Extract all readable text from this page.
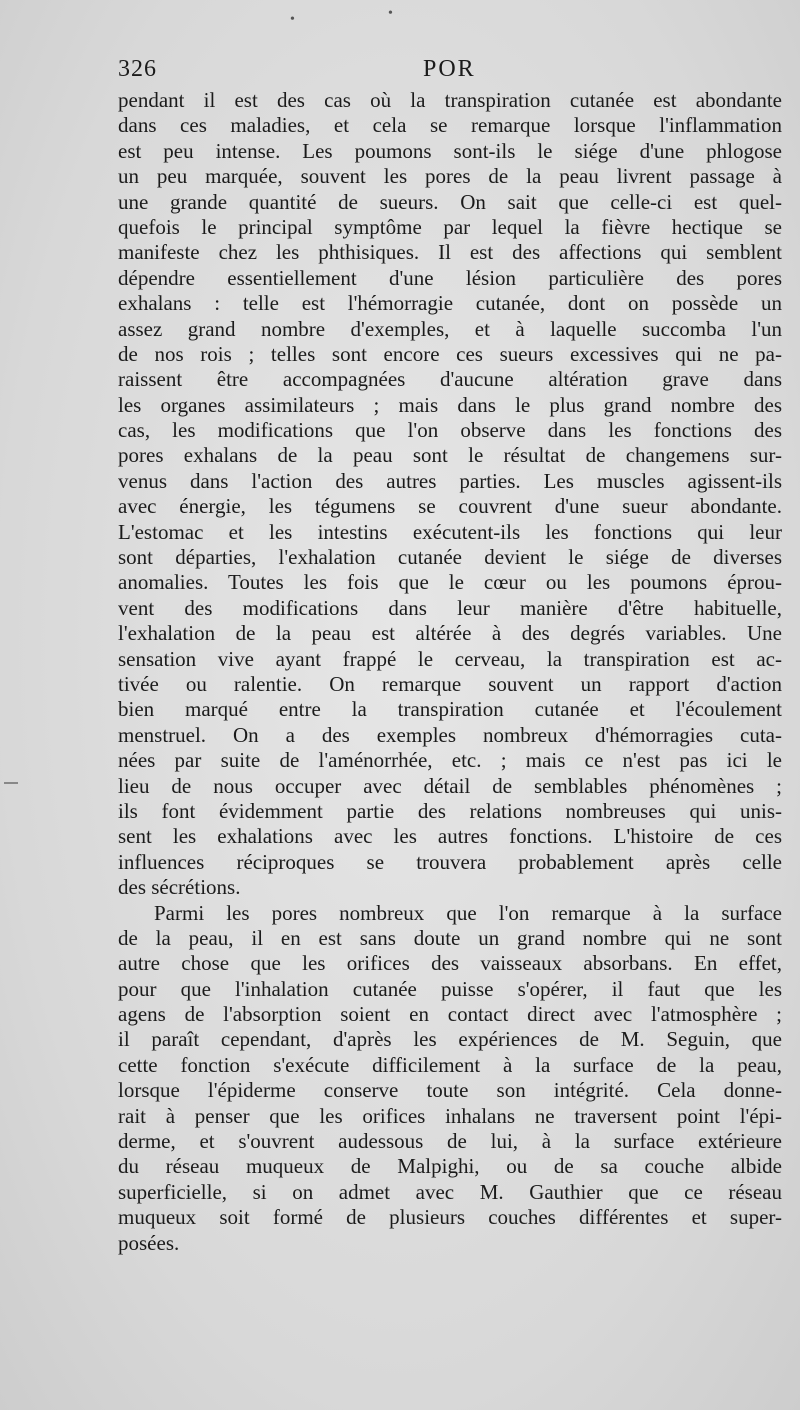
•	•
326	POR
pendant il est des cas où la transpiration cutanée est abondante
dans ces maladies, et cela se remarque lorsque l'inflammation
est peu intense. Les poumons sont-ils le siége d'une phlogose
un peu marquée, souvent les pores de la peau livrent passage à
une grande quantité de sueurs. On sait que celle-ci est quel-
quefois le principal symptôme par lequel la fièvre hectique se
manifeste chez les phthisiques. Il est des affections qui semblent
dépendre essentiellement d'une lésion particulière des pores
exhalans : telle est l'hémorragie cutanée, dont on possède un
assez grand nombre d'exemples, et à laquelle succomba l'un
de nos rois ; telles sont encore ces sueurs excessives qui ne pa-
raissent être accompagnées d'aucune altération grave dans
les organes assimilateurs ; mais dans le plus grand nombre des
cas, les modifications que l'on observe dans les fonctions des
pores exhalans de la peau sont le résultat de changemens sur-
venus dans l'action des autres parties. Les muscles agissent-ils
avec énergie, les tégumens se couvrent d'une sueur abondante.
L'estomac et les intestins exécutent-ils les fonctions qui leur
sont départies, l'exhalation cutanée devient le siége de diverses
anomalies. Toutes les fois que le cœur ou les poumons éprou-
vent des modifications dans leur manière d'être habituelle,
l'exhalation de la peau est altérée à des degrés variables. Une
sensation vive ayant frappé le cerveau, la transpiration est ac-
tivée ou ralentie. On remarque souvent un rapport d'action
bien marqué entre la transpiration cutanée et l'écoulement
menstruel. On a des exemples nombreux d'hémorragies cuta-
nées par suite de l'aménorrhée, etc. ; mais ce n'est pas ici le
lieu de nous occuper avec détail de semblables phénomènes ;
ils font évidemment partie des relations nombreuses qui unis-
sent les exhalations avec les autres fonctions. L'histoire de ces
influences réciproques se trouvera probablement après celle
des sécrétions.
Parmi les pores nombreux que l'on remarque à la surface
de la peau, il en est sans doute un grand nombre qui ne sont
autre chose que les orifices des vaisseaux absorbans. En effet,
pour que l'inhalation cutanée puisse s'opérer, il faut que les
agens de l'absorption soient en contact direct avec l'atmosphère ;
il paraît cependant, d'après les expériences de M. Seguin, que
cette fonction s'exécute difficilement à la surface de la peau,
lorsque l'épiderme conserve toute son intégrité. Cela donne-
rait à penser que les orifices inhalans ne traversent point l'épi-
derme, et s'ouvrent audessous de lui, à la surface extérieure
du réseau muqueux de Malpighi, ou de sa couche albide
superficielle, si on admet avec M. Gauthier que ce réseau
muqueux soit formé de plusieurs couches différentes et super-
posées.
